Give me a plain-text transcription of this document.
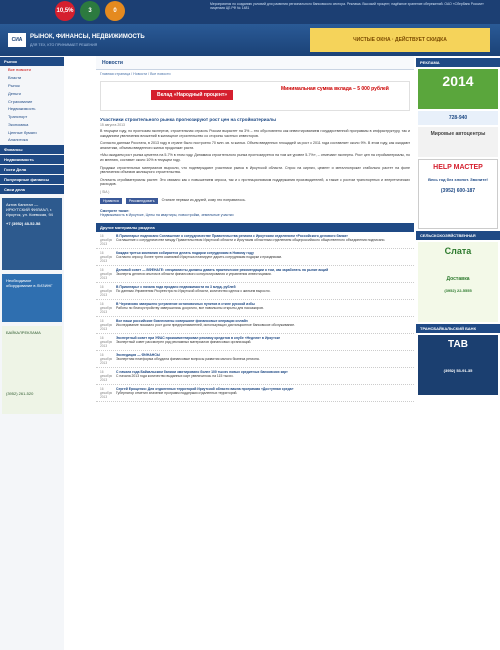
10,5%	3	0
Мероприятия по созданию условий для развития регионального банковского сектора. Реклама. Высокий процент, надёжное хранение сбережений. ОАО «Сбербанк России» лицензия ЦБ РФ № 1481
СИА	РЫНОК, ФИНАНСЫ, НЕДВИЖИМОСТЬ
ДЛЯ ТЕХ, КТО ПРИНИМАЕТ РЕШЕНИЯ
ЧИСТЫЕ ОКНА · ДЕЙСТВУЕТ СКИДКА
Рынок
Все новости
Власти
Рынок
Деньги
Страхование
Недвижимость
Транспорт
Экономика
Ценные бумаги
Аналитика
Финансы
Недвижимость
Гости Дела
Популярные финансы
Свои дела
Актив Капитал — ИРКУТСКИЙ ФИЛИАЛ, г. Иркутск, ул. Киевская, 94
+7 (3952) 48-52-58
Необходимое оборудование в ЛИЗИНГ
БАЙКАЛРЕКЛАМА
(3952) 261-520
Новости
Главная страница / Новости / Все новости
Вклад «Народный процент»
Минимальная сумма вклада – 5 000 рублей
Участники строительного рынка прогнозируют рост цен на стройматериалы
15 августа 2013

В текущем году, по прогнозам экспертов, строительная отрасль России вырастет на 3% – это обусловлено как инвестированием государственной программы в инфраструктуру, так и ожиданием увеличения вложений в жилищное строительство со стороны частных инвесторов.

Согласно данным Росстата, в 2013 году в стране было построено 70 млн. кв. м жилья. Объем введенных площадей за рост с 2011 года составляет около 9%. В этом году, как ожидают аналитики, объемы введенного жилья продолжат расти.

«Мы ожидаем рост рынка цемента на 5-7% в этом году. Динамика строительного рынка прогнозируется на том же уровне 5-7%», – отмечают эксперты. Рост цен на стройматериалы, по их мнению, составит около 10% в текущем году.

Продажи строительных материалов выросли, что подтверждают участники рынка в Иркутской области. Спрос на кирпич, цемент и металлопрокат стабильно растет на фоне увеличения объемов жилищного строительства.

Отличить стройматериалы растет. Это связано как с повышением спроса, так и с протекционизмом поддержания производителей, а также с ростом транспортных и энергетических расходов.

( SIA )
Нравится	Рекомендовать	Станьте первым из друзей, кому это понравилось.
Смотрите также:
Недвижимость в Иркутске, Цены на квартиры, новостройки, земельные участки
Другие материалы раздела
16 декабря 2013
В Приангарье подписано Соглашение о сотрудничестве Правительства региона с Иркутским отделением «Российского делового банка»
Соглашение о сотрудничестве между Правительством Иркутской области и Иркутским областным отделением общероссийского общественного объединения подписано.
16 декабря 2013
Каждая третья компания собирается делать подарки сотрудникам в Новому году
Согласно опросу, более трети компаний Иркутска планируют дарить сотрудникам подарки к праздникам.
16 декабря 2013
Деловой совет — ВФЕНАГЕ: специалисты должны давать практические рекомендации о том, как заработать на рынке акций
Эксперты делятся опытом в области финансового консультирования и управления инвестициями.
16 декабря 2013
В Приангарье с начала года продано недвижимости на 3 млрд. рублей
По данным Управления Росреестра по Иркутской области, количество сделок с жильем выросло.
16 декабря 2013
В Черемхово завершено устранение остановочных пунктов в стиле русской избы
Работы по благоустройству завершились досрочно, все павильоны открыты для пассажиров.
16 декабря 2013
Все наши российские бизнесмены совершают финансовые операции онлайн
Исследование показало рост доли предпринимателей, использующих дистанционное банковское обслуживание.
16 декабря 2013
Экспертный совет при УФАС прокомментировал рекламу кредитов в клубе «Неделя» в Иркутске
Экспертный совет рассмотрел ряд рекламных материалов финансовых организаций.
16 декабря 2013
Экспедиция — ФИНАНСЫ
Экспертная платформа обсудила финансовые вопросы развития малого бизнеса региона.
16 декабря 2013
С начала года Байкальским банком эмитировано более 100 тысяч новых кредитных банковских карт
С начала 2013 года количество выданных карт увеличилось на 115 тысяч.
16 декабря 2013
Сергей Ерощенко: Для отдаленных территорий Иркутской области важна программа «Доступная среда»
Губернатор отметил значение программ поддержки отдаленных территорий.
РЕКЛАМА
2014
728-940
Мировые автоцентры
HELP МАСТЕР
Весь год без хлопот. Звоните!
(3952) 600-187
СЕЛЬСКОХОЗЯЙСТВЕННАЯ
Слата
Доставка
(3952) 22-5555
ТРАНСБАЙКАЛЬСКИЙ БАНК
ТАВ
(3952) 53-91-35
